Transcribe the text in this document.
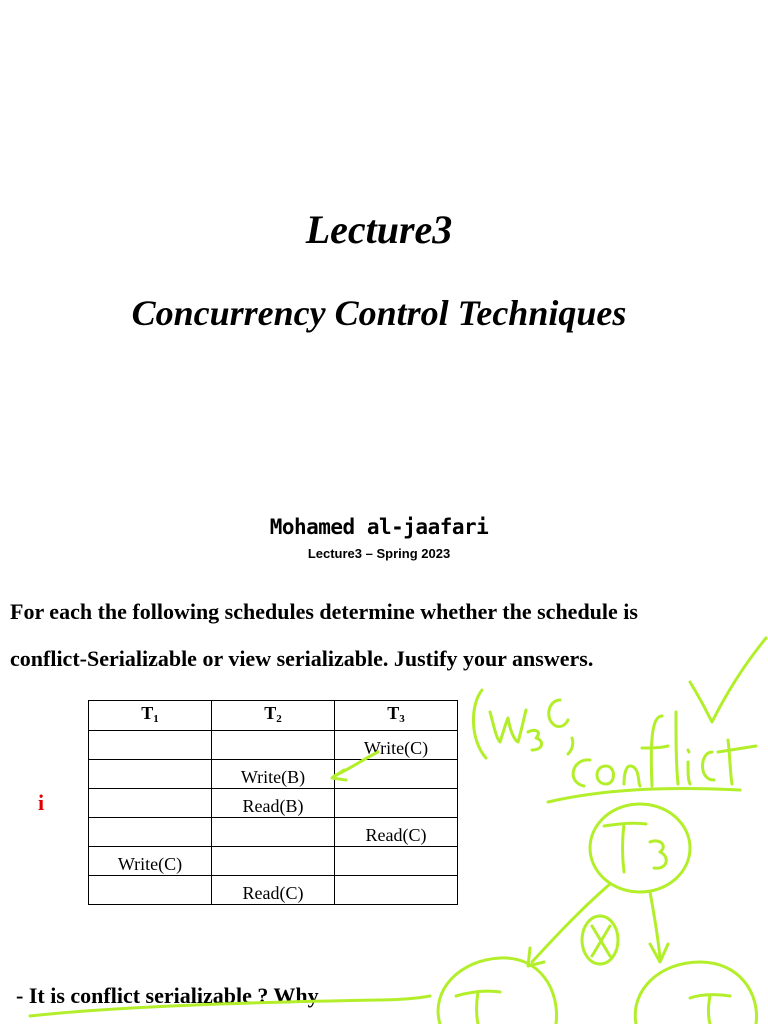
Lecture3
Concurrency Control Techniques
Mohamed al-jaafari
Lecture3 – Spring 2023
For each the following schedules determine whether the schedule is
conflict-Serializable or view serializable. Justify your answers.
i
$T_1$	$T_2$	$T_3$
		Write(C)
	Write(B)	
	Read(B)	
		Read(C)
Write(C)		
	Read(C)	
- It is conflict serializable ? Why
